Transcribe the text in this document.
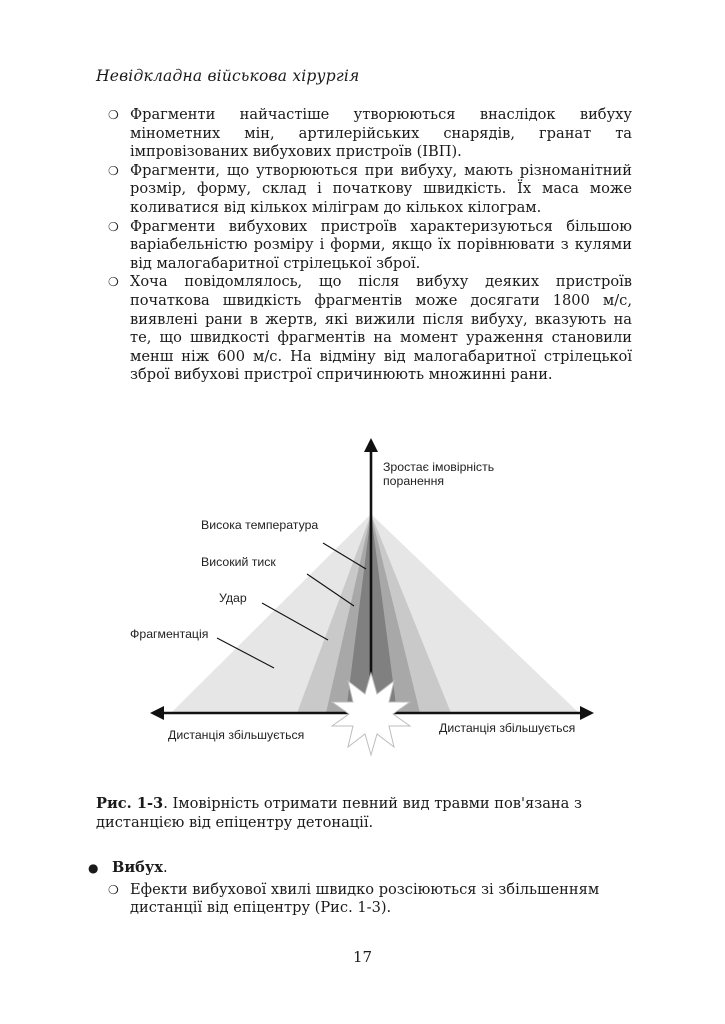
Невідкладна військова хірургія
❍ Фрагменти найчастіше утворюються внаслідок вибуху мінометних мін, артилерійських снарядів, гранат та імпровізованих вибухових пристроїв (ІВП).
❍ Фрагменти, що утворюються при вибуху, мають різноманітний розмір, форму, склад і початкову швидкість. Їх маса може коливатися від кількох міліграм до кількох кілограм.
❍ Фрагменти вибухових пристроїв характеризуються більшою варіабельністю розміру і форми, якщо їх порівнювати з кулями від малогабаритної стрілецької зброї.
❍ Хоча повідомлялось, що після вибуху деяких пристроїв початкова швидкість фрагментів може досягати 1800 м/с, виявлені рани в жертв, які вижили після вибуху, вказують на те, що швидкості фрагментів на момент ураження становили менш ніж 600 м/с. На відміну від малогабаритної стрілецької зброї вибухові пристрої спричинюють множинні рани.
Зростає імовірність
поранення
Висока температура
Високий тиск
Удар
Фрагментація
Дистанція збільшується	Дистанція збільшується
Рис. 1-3. Імовірність отримати певний вид травми пов'язана з дистанцією від епіцентру детонації.
● Вибух.
❍ Ефекти вибухової хвилі швидко розсіюються зі збільшенням дистанції від епіцентру (Рис. 1-3).
17
